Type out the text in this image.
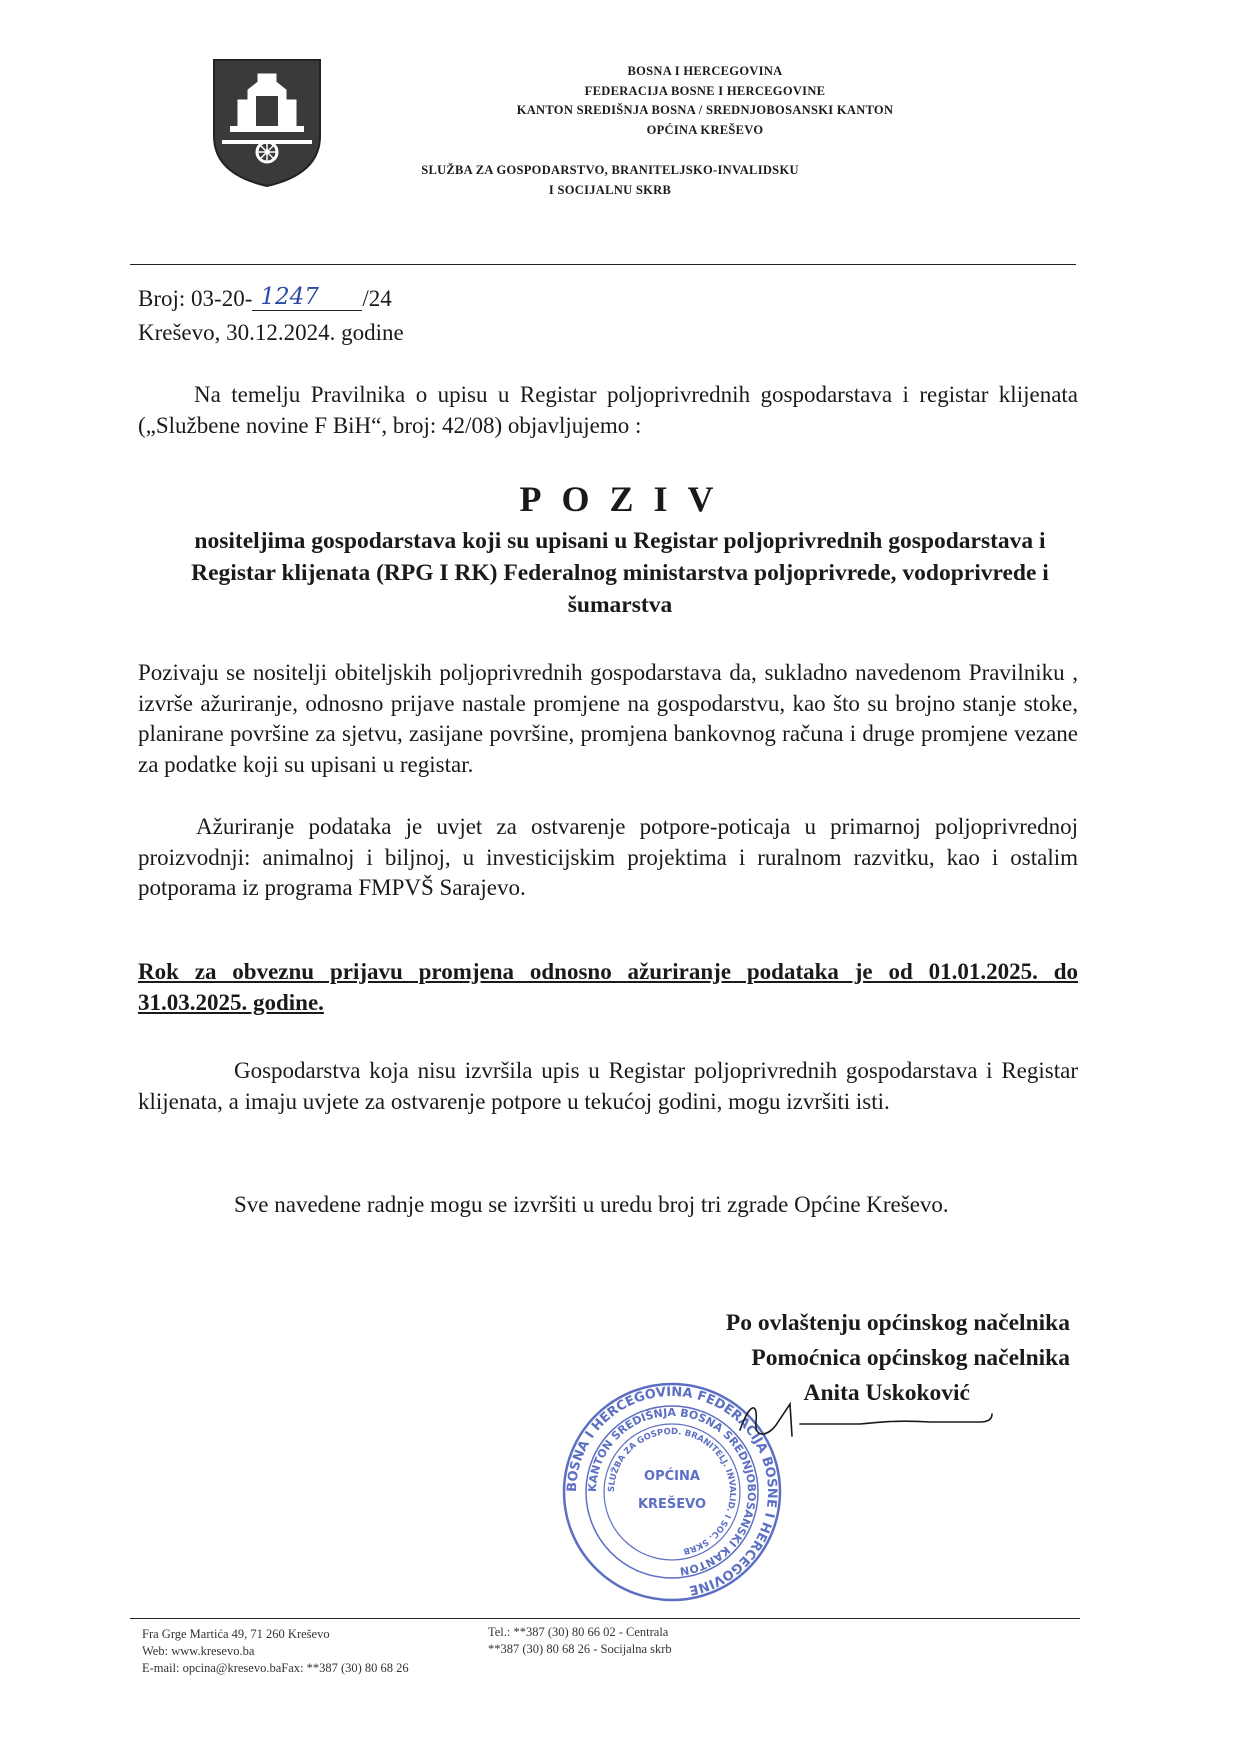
BOSNA I HERCEGOVINA
FEDERACIJA BOSNE I HERCEGOVINE
KANTON SREDIŠNJA BOSNA / SREDNJOBOSANSKI KANTON
OPĆINA KREŠEVO
SLUŽBA ZA GOSPODARSTVO, BRANITELJSKO-INVALIDSKU
I SOCIJALNU SKRB
Broj: 03-20- 1247 /24
Kreševo, 30.12.2024. godine
Na temelju Pravilnika o upisu u Registar poljoprivrednih gospodarstava i registar klijenata („Službene novine F BiH“, broj: 42/08) objavljujemo :
POZIV
nositeljima gospodarstava koji su upisani u Registar poljoprivrednih gospodarstava i Registar klijenata (RPG I RK) Federalnog ministarstva poljoprivrede, vodoprivrede i šumarstva
Pozivaju se nositelji obiteljskih poljoprivrednih gospodarstava da, sukladno navedenom Pravilniku , izvrše ažuriranje, odnosno prijave nastale promjene na gospodarstvu, kao što su brojno stanje stoke, planirane površine za sjetvu, zasijane površine, promjena bankovnog računa i druge promjene vezane za podatke koji su upisani u registar.
Ažuriranje podataka je uvjet za ostvarenje potpore-poticaja u primarnoj poljoprivrednoj proizvodnji: animalnoj i biljnoj, u investicijskim projektima i ruralnom razvitku, kao i ostalim potporama iz programa FMPVŠ Sarajevo.
Rok za obveznu prijavu promjena odnosno ažuriranje podataka je od 01.01.2025. do 31.03.2025. godine.
Gospodarstva koja nisu izvršila upis u Registar poljoprivrednih gospodarstava i Registar klijenata, a imaju uvjete za ostvarenje potpore u tekućoj godini, mogu izvršiti isti.
Sve navedene radnje mogu se izvršiti u uredu broj tri zgrade Općine Kreševo.
Po ovlaštenju općinskog načelnika
Pomoćnica općinskog načelnika
Anita Uskoković
BOSNA I HERCEGOVINA FEDERACIJA BOSNE I HERCEGOVINE
KANTON SREDIŠNJA BOSNA SREDNJOBOSANSKI KANTON
SLUŽBA ZA GOSPOD. BRANITELJ. INVALID. I SOC. SKRB
OPĆINA
KREŠEVO
Fra Grge Martića 49, 71 260 Kreševo
Web: www.kresevo.ba
E-mail: opcina@kresevo.baFax: **387 (30) 80 68 26
Tel.: **387 (30) 80 66 02 - Centrala
**387 (30) 80 68 26 - Socijalna skrb
